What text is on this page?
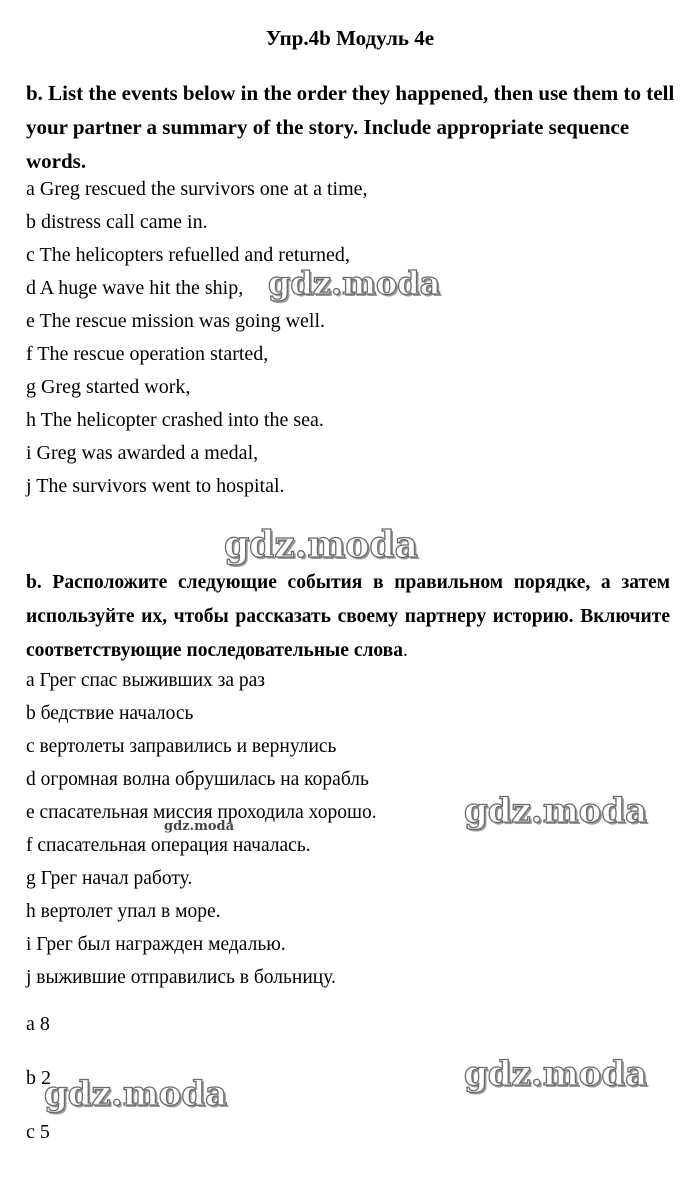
Упр.4b Модуль 4е
b. List the events below in the order they happened, then use them to tell your partner a summary of the story. Include appropriate sequence words.
a Greg rescued the survivors one at a time,
b distress call came in.
c The helicopters refuelled and returned,
d A huge wave hit the ship,
e The rescue mission was going well.
f The rescue operation started,
g Greg started work,
h The helicopter crashed into the sea.
i Greg was awarded a medal,
j The survivors went to hospital.
b. Расположите следующие события в правильном порядке, а затем используйте их, чтобы рассказать своему партнеру историю. Включите соответствующие последовательные слова.
a Грег спас выживших за раз
b бедствие началось
c вертолеты заправились и вернулись
d огромная волна обрушилась на корабль
e спасательная миссия проходила хорошо.
f спасательная операция началась.
g Грег начал работу.
h вертолет упал в море.
i Грег был награжден медалью.
j выжившие отправились в больницу.
a 8
b 2
c 5
gdz.moda
gdz.moda
gdz.moda
gdz.moda
gdz.moda
gdz.moda
